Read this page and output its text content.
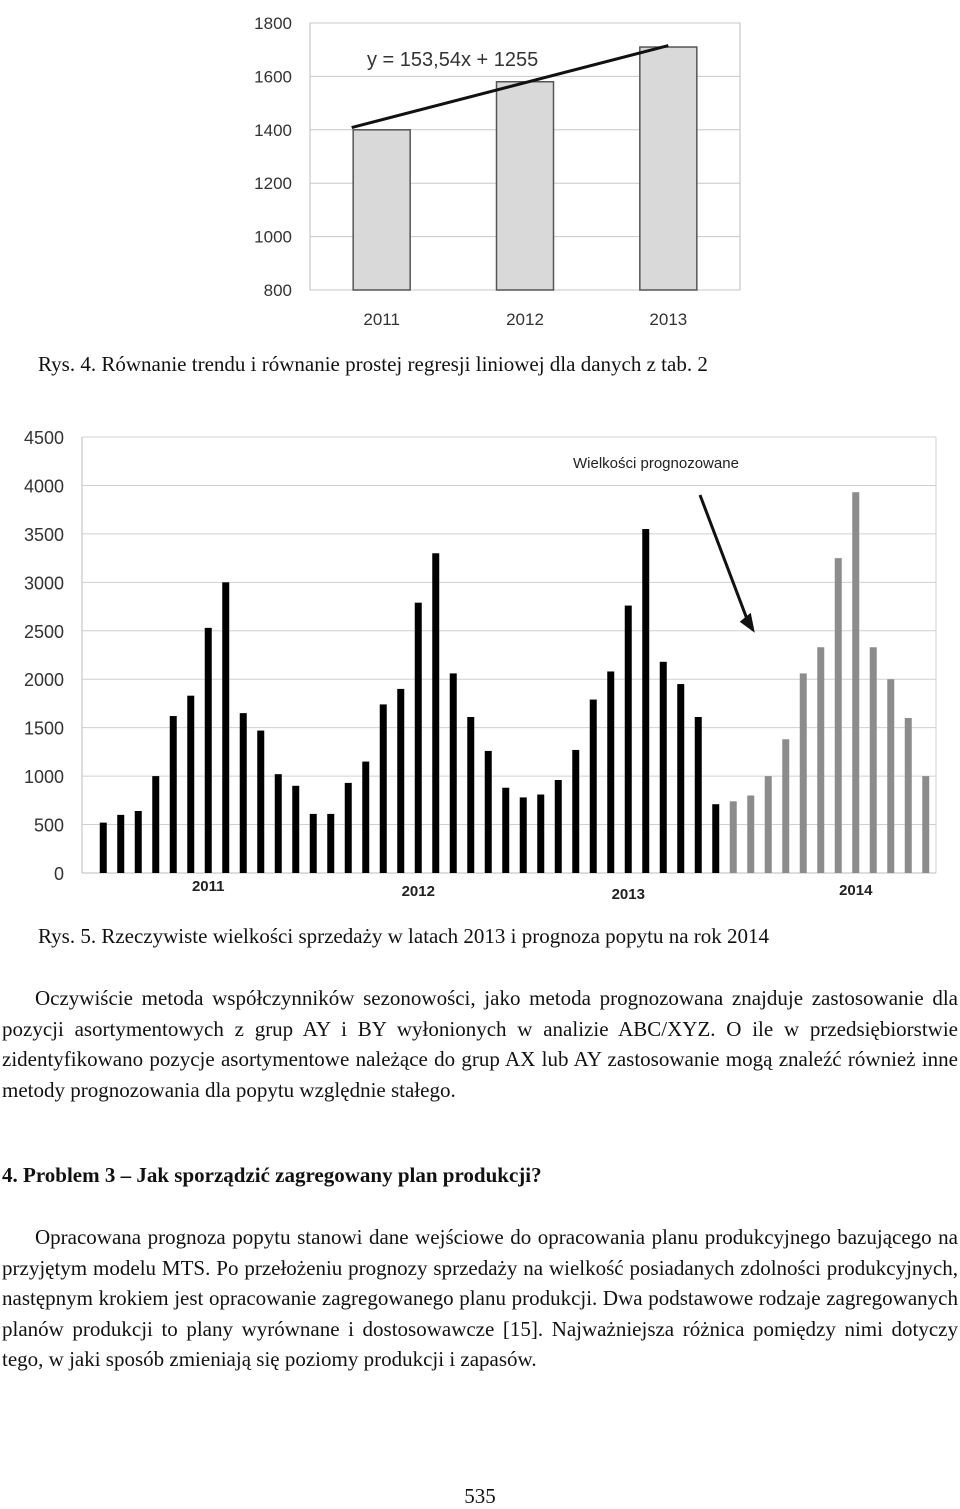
800
1000
1200
1400
1600
1800
2011	2012	2013
y = 153,54x + 1255
Rys. 4. Równanie trendu i równanie prostej regresji liniowej dla danych z tab. 2
0
500
1000
1500
2000
2500
3000
3500
4000
4500
2011	2012	2013	2014
Wielkości prognozowane
Rys. 5. Rzeczywiste wielkości sprzedaży w latach 2013 i prognoza popytu na rok 2014

Oczywiście metoda współczynników sezonowości, jako metoda prognozowana znajduje zastosowanie dla pozycji asortymentowych z grup AY i BY wyłonionych w analizie ABC/XYZ. O ile w przedsiębiorstwie zidentyfikowano pozycje asortymentowe należące do grup AX lub AY zastosowanie mogą znaleźć również inne metody prognozowania dla popytu względnie stałego.

4. Problem 3 – Jak sporządzić zagregowany plan produkcji?

Opracowana prognoza popytu stanowi dane wejściowe do opracowania planu produkcyjnego bazującego na przyjętym modelu MTS. Po przełożeniu prognozy sprzedaży na wielkość posiadanych zdolności produkcyjnych, następnym krokiem jest opracowanie zagregowanego planu produkcji. Dwa podstawowe rodzaje zagregowanych planów produkcji to plany wyrównane i dostosowawcze [15]. Najważniejsza różnica pomiędzy nimi dotyczy tego, w jaki sposób zmieniają się poziomy produkcji i zapasów.

535
